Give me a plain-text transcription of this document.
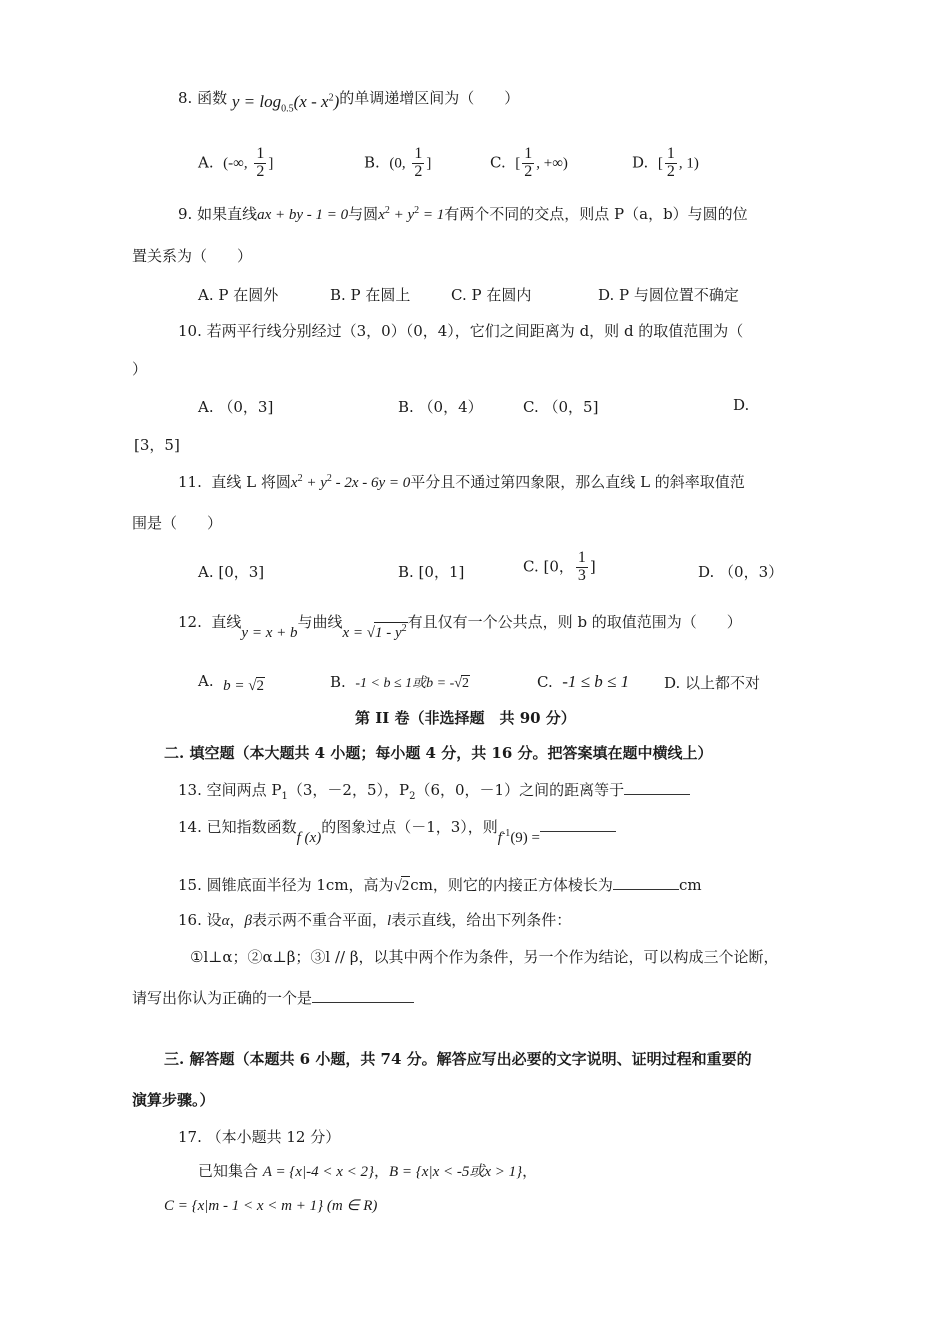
8. 函数 $y = \log_{0.5}(x - x^2)$的单调递增区间为（　　）
A. (-∞, $\frac{1}{2}$ ]	B. (0, $\frac{1}{2}$ ]	C. [ $\frac{1}{2}$ , +∞)	D. [ $\frac{1}{2}$ , 1)
9. 如果直线ax + by - 1 = 0与圆$x^2 + y^2 = 1$有两个不同的交点，则点 P（a，b）与圆的位
置关系为（　　）
A. P 在圆外	B. P 在圆上	C. P 在圆内	D. P 与圆位置不确定
10. 若两平行线分别经过（3，0）（0，4），它们之间距离为 d，则 d 的取值范围为（
）
A. （0，3]	B. （0，4）	C. （0，5]	D.
[3，5]
11. 直线 L 将圆$x^2 + y^2 - 2x - 6y = 0$平分且不通过第四象限，那么直线 L 的斜率取值范
围是（　　）
A. [0，3]	B. [0，1]	C. [0， $\frac{1}{3}$ ]	D. （0，3）
12. 直线y = x + b与曲线$x = √1 - y^2$有且仅有一个公共点，则 b 的取值范围为（　　）
A. b = √2	B. -1 < b ≤ 1或b = -√2	C. -1 ≤ b ≤ 1 D. 以上都不对
第 II 卷（非选择题　共 90 分）
二. 填空题（本大题共 4 小题；每小题 4 分，共 16 分。把答案填在题中横线上）
13. 空间两点 $P_1(3$，－2，5），$P_2(6$，0，－1）之间的距离等于
14. 已知指数函数f (x)的图象过点（－1，3），则$f^{-1}(9)$ =
15. 圆锥底面半径为 1cm，高为√2cm，则它的内接正方体棱长为	cm
16. 设α，β表示两不重合平面，l表示直线，给出下列条件：
①l⊥α；②α⊥β；③l // β，以其中两个作为条件，另一个作为结论，可以构成三个论断，
请写出你认为正确的一个是
三. 解答题（本题共 6 小题，共 74 分。解答应写出必要的文字说明、证明过程和重要的
演算步骤。）
17. （本小题共 12 分）
已知集合 A = {x|-4 < x < 2}，B = {x|x < -5或x > 1}，
C = {x|m - 1 < x < m + 1} (m ∈ R)
